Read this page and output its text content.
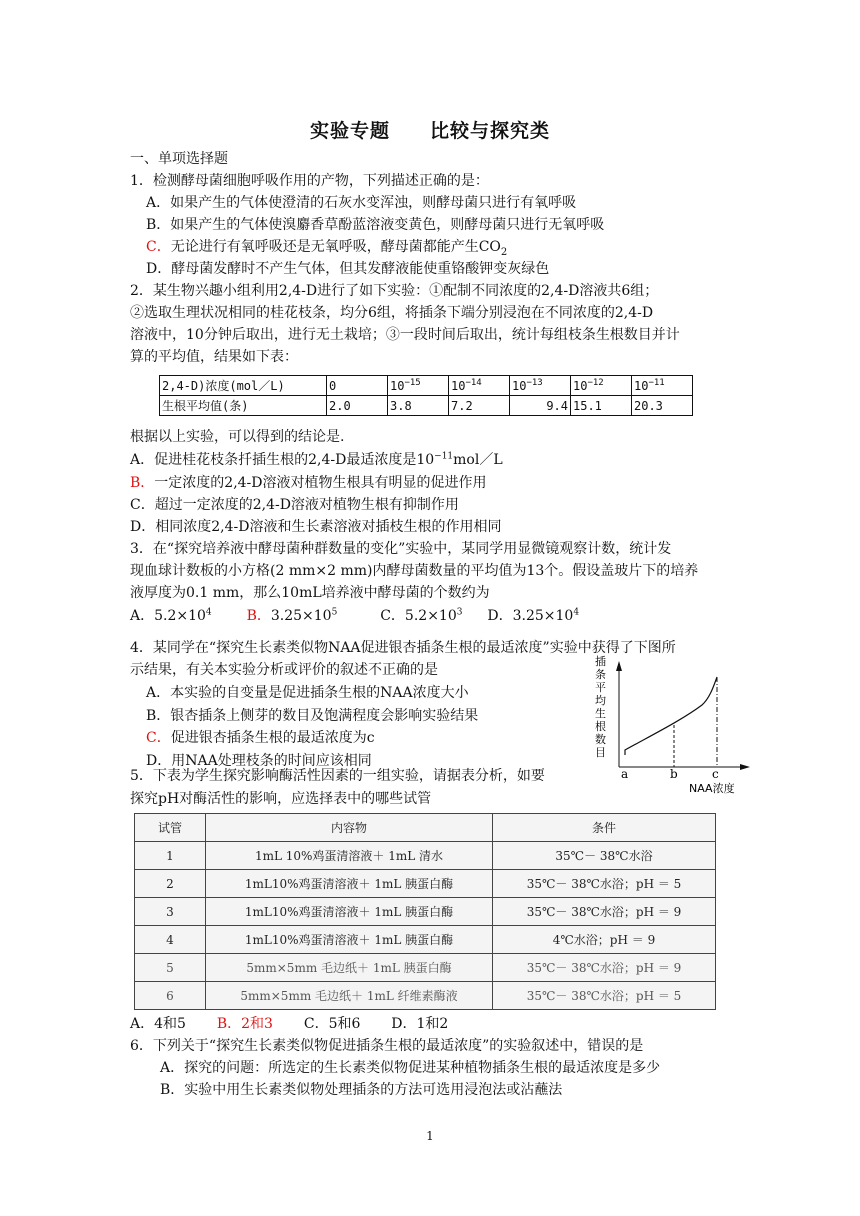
实验专题 比较与探究类
一、单项选择题
1．检测酵母菌细胞呼吸作用的产物，下列描述正确的是：
A．如果产生的气体使澄清的石灰水变浑浊，则酵母菌只进行有氧呼吸
B．如果产生的气体使溴麝香草酚蓝溶液变黄色，则酵母菌只进行无氧呼吸
C．无论进行有氧呼吸还是无氧呼吸，酵母菌都能产生$CO_2$
D．酵母菌发酵时不产生气体，但其发酵液能使重铬酸钾变灰绿色
2．某生物兴趣小组利用2,4-D进行了如下实验：①配制不同浓度的2,4-D溶液共6组；
②选取生理状况相同的桂花枝条，均分6组，将插条下端分别浸泡在不同浓度的2,4-D
溶液中，10分钟后取出，进行无土栽培；③一段时间后取出，统计每组枝条生根数目并计
算的平均值，结果如下表：
2,4-D)浓度(mol／L)	0	$10^{-15}$	$10^{-14}$	$10^{-13}$	$10^{-12}$	$10^{-11}$
生根平均值(条)	2.0	3.8	7.2	9.4	15.1	20.3
根据以上实验，可以得到的结论是.
A．促进桂花枝条扦插生根的2,4-D最适浓度是$10^{-11}mol/L$
B．一定浓度的2,4-D溶液对植物生根具有明显的促进作用
C．超过一定浓度的2,4-D溶液对植物生根有抑制作用
D．相同浓度2,4-D溶液和生长素溶液对插枝生根的作用相同
3．在“探究培养液中酵母菌种群数量的变化”实验中，某同学用显微镜观察计数，统计发
现血球计数板的小方格(2 mm×2 mm)内酵母菌数量的平均值为13个。假设盖玻片下的培养
液厚度为0.1 mm，那么10mL培养液中酵母菌的个数约为
A．$5.2\times 10^4$ B．$3.25\times 10^5$	C．$5.2\times 10^3$ D．$3.25\times 10^4$
4．某同学在“探究生长素类似物NAA促进银杏插条生根的最适浓度”实验中获得了下图所
示结果，有关本实验分析或评价的叙述不正确的是
A．本实验的自变量是促进插条生根的NAA浓度大小
B．银杏插条上侧芽的数目及饱满程度会影响实验结果
C．促进银杏插条生根的最适浓度为c
D．用NAA处理枝条的时间应该相同
插条平均生根数目
a	b	c
NAA浓度
5．下表为学生探究影响酶活性因素的一组实验，请据表分析，如要
探究pH对酶活性的影响，应选择表中的哪些试管
试管	内容物	条件
1	1mL 10%鸡蛋清溶液＋ 1mL 清水	35℃－ 38℃水浴
2	1mL10%鸡蛋清溶液＋ 1mL 胰蛋白酶	35℃－ 38℃水浴；pH ＝ 5
3	1mL10%鸡蛋清溶液＋ 1mL 胰蛋白酶	35℃－ 38℃水浴；pH ＝ 9
4	1mL10%鸡蛋清溶液＋ 1mL 胰蛋白酶	4℃水浴；pH ＝ 9
5	5mm×5mm 毛边纸＋ 1mL 胰蛋白酶	35℃－ 38℃水浴；pH ＝ 9
6	5mm×5mm 毛边纸＋ 1mL 纤维素酶液	35℃－ 38℃水浴；pH ＝ 5
A．4和5 B．2和3 C．5和6 D．1和2
6．下列关于“探究生长素类似物促进插条生根的最适浓度”的实验叙述中，错误的是
A．探究的问题：所选定的生长素类似物促进某种植物插条生根的最适浓度是多少
B．实验中用生长素类似物处理插条的方法可选用浸泡法或沾蘸法
1
